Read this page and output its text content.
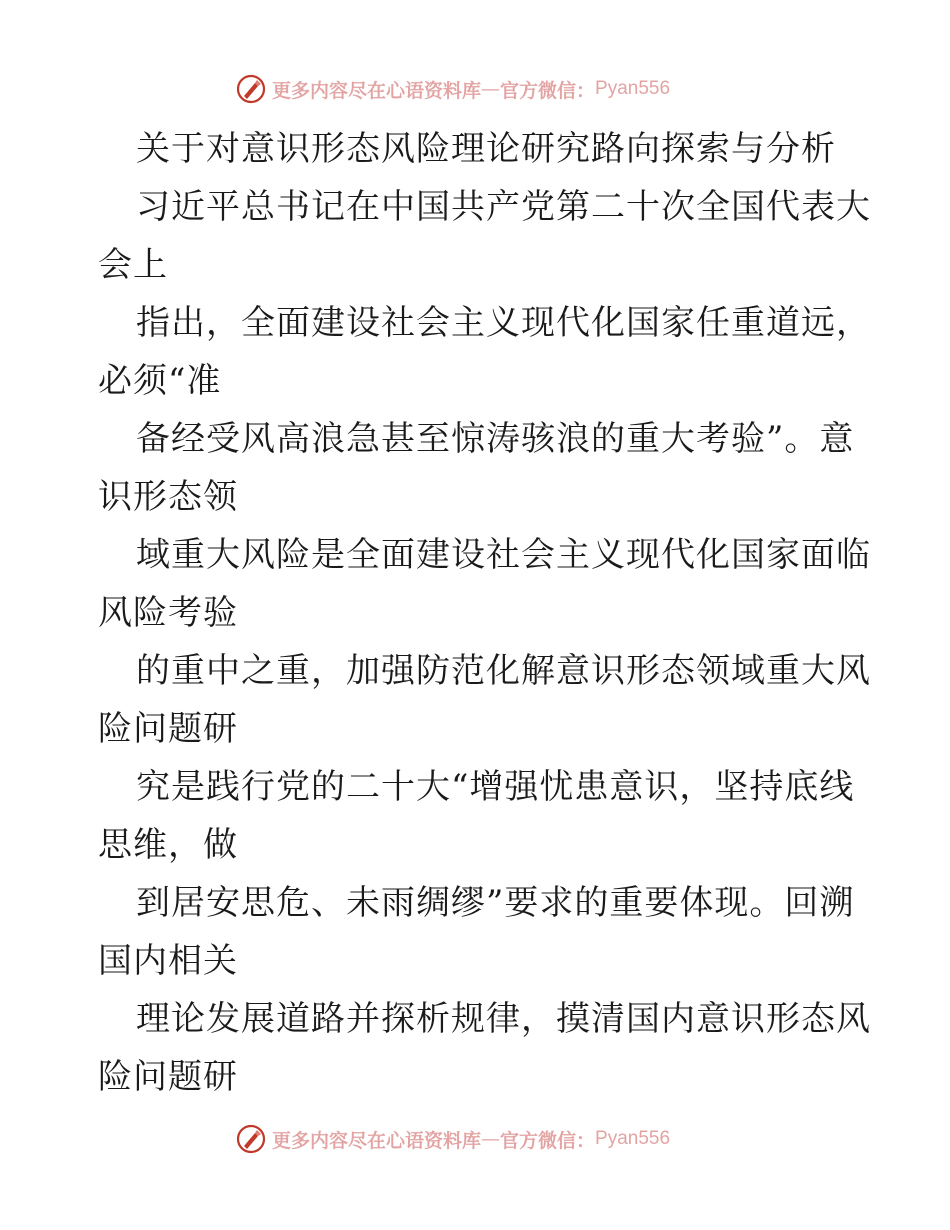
更多内容尽在心语资料库 — 官方微信： Pyan556
关于对意识形态风险理论研究路向探索与分析
习近平总书记在中国共产党第二十次全国代表大
会上
指出，全面建设社会主义现代化国家任重道远，
必须“准
备经受风高浪急甚至惊涛骇浪的重大考验”。意
识形态领
域重大风险是全面建设社会主义现代化国家面临
风险考验
的重中之重，加强防范化解意识形态领域重大风
险问题研
究是践行党的二十大“增强忧患意识，坚持底线
思维，做
到居安思危、未雨绸缪”要求的重要体现。回溯
国内相关
理论发展道路并探析规律，摸清国内意识形态风
险问题研
更多内容尽在心语资料库 — 官方微信： Pyan556
